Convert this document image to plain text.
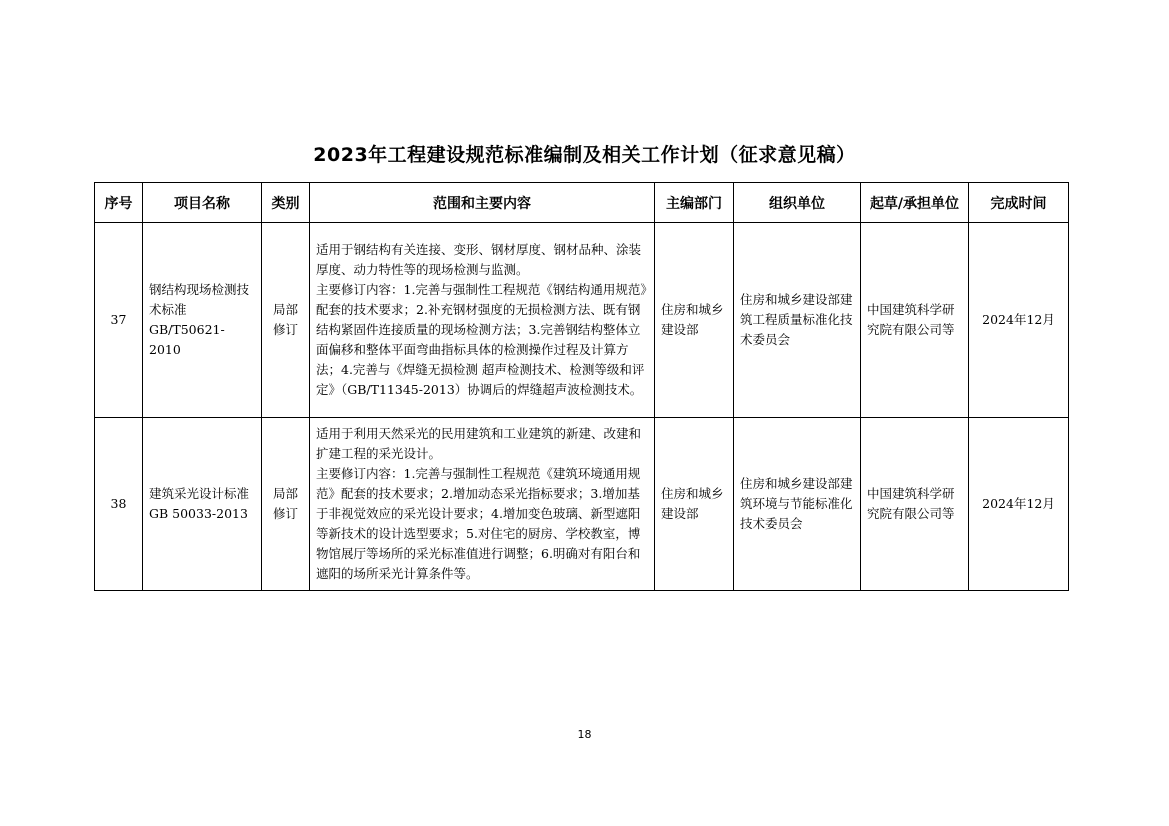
2023年工程建设规范标准编制及相关工作计划（征求意见稿）
序号	项目名称	类别	范围和主要内容	主编部门	组织单位	起草/承担单位	完成时间
37	钢结构现场检测技术标准GB/T50621-2010	局部修订	适用于钢结构有关连接、变形、钢材厚度、钢材品种、涂装厚度、动力特性等的现场检测与监测。
主要修订内容：1.完善与强制性工程规范《钢结构通用规范》配套的技术要求；2.补充钢材强度的无损检测方法、既有钢结构紧固件连接质量的现场检测方法；3.完善钢结构整体立面偏移和整体平面弯曲指标具体的检测操作过程及计算方法；4.完善与《焊缝无损检测 超声检测技术、检测等级和评定》（GB/T11345-2013）协调后的焊缝超声波检测技术。	住房和城乡建设部	住房和城乡建设部建筑工程质量标准化技术委员会	中国建筑科学研究院有限公司等	2024年12月
38	建筑采光设计标准GB 50033-2013	局部修订	适用于利用天然采光的民用建筑和工业建筑的新建、改建和扩建工程的采光设计。
主要修订内容：1.完善与强制性工程规范《建筑环境通用规范》配套的技术要求；2.增加动态采光指标要求；3.增加基于非视觉效应的采光设计要求；4.增加变色玻璃、新型遮阳等新技术的设计选型要求；5.对住宅的厨房、学校教室，博物馆展厅等场所的采光标准值进行调整；6.明确对有阳台和遮阳的场所采光计算条件等。	住房和城乡建设部	住房和城乡建设部建筑环境与节能标准化技术委员会	中国建筑科学研究院有限公司等	2024年12月
18
